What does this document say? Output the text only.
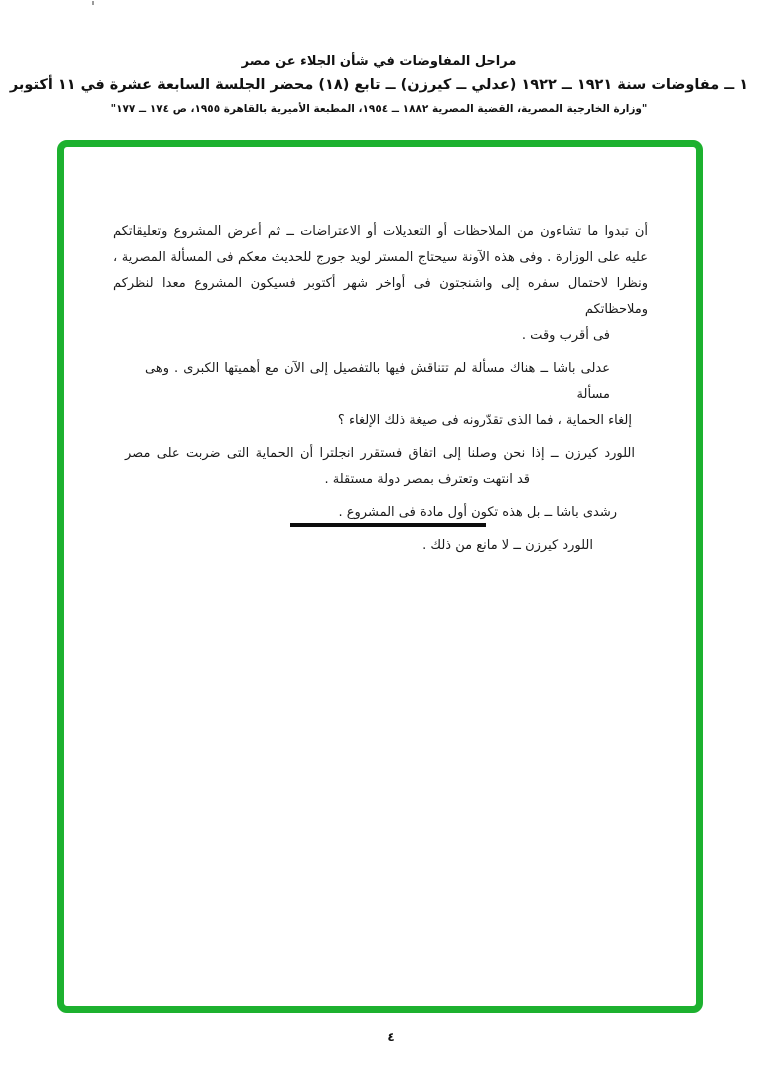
مراحل المفاوضات في شأن الجلاء عن مصر
١ ــ مفاوضات سنة ١٩٢١ ــ ١٩٢٢ (عدلي ــ كيرزن) ــ تابع (١٨) محضر الجلسة السابعة عشرة في ١١ أكتوبر
"وزارة الخارجية المصرية، القضية المصرية ١٨٨٢ ــ ١٩٥٤، المطبعة الأميرية بالقاهرة ١٩٥٥، ص ١٧٤ ــ ١٧٧"
أن تبدوا ما تشاءون من الملاحظات أو التعديلات أو الاعتراضات ــ ثم أعرض المشروع وتعليقاتكم
عليه على الوزارة . وفى هذه الآونة سيحتاج المستر لويد جورج للحديث معكم فى المسألة المصرية ،
ونظرا لاحتمال سفره إلى واشنجتون فى أواخر شهر أكتوبر فسيكون المشروع معدا لنظركم وملاحظاتكم
فى أقرب وقت .
عدلى باشا ــ هناك مسألة لم تتناقش فيها بالتفصيل إلى الآن مع أهميتها الكبرى . وهى مسألة
إلغاء الحماية ، فما الذى تقدّرونه فى صيغة ذلك الإلغاء ؟
اللورد كيرزن ــ إذا نحن وصلنا إلى اتفاق فستقرر انجلترا أن الحماية التى ضربت على مصر
قد انتهت وتعترف بمصر دولة مستقلة .
رشدى باشا ــ بل هذه تكون أول مادة فى المشروع .
اللورد كيرزن ــ لا مانع من ذلك .
٤
